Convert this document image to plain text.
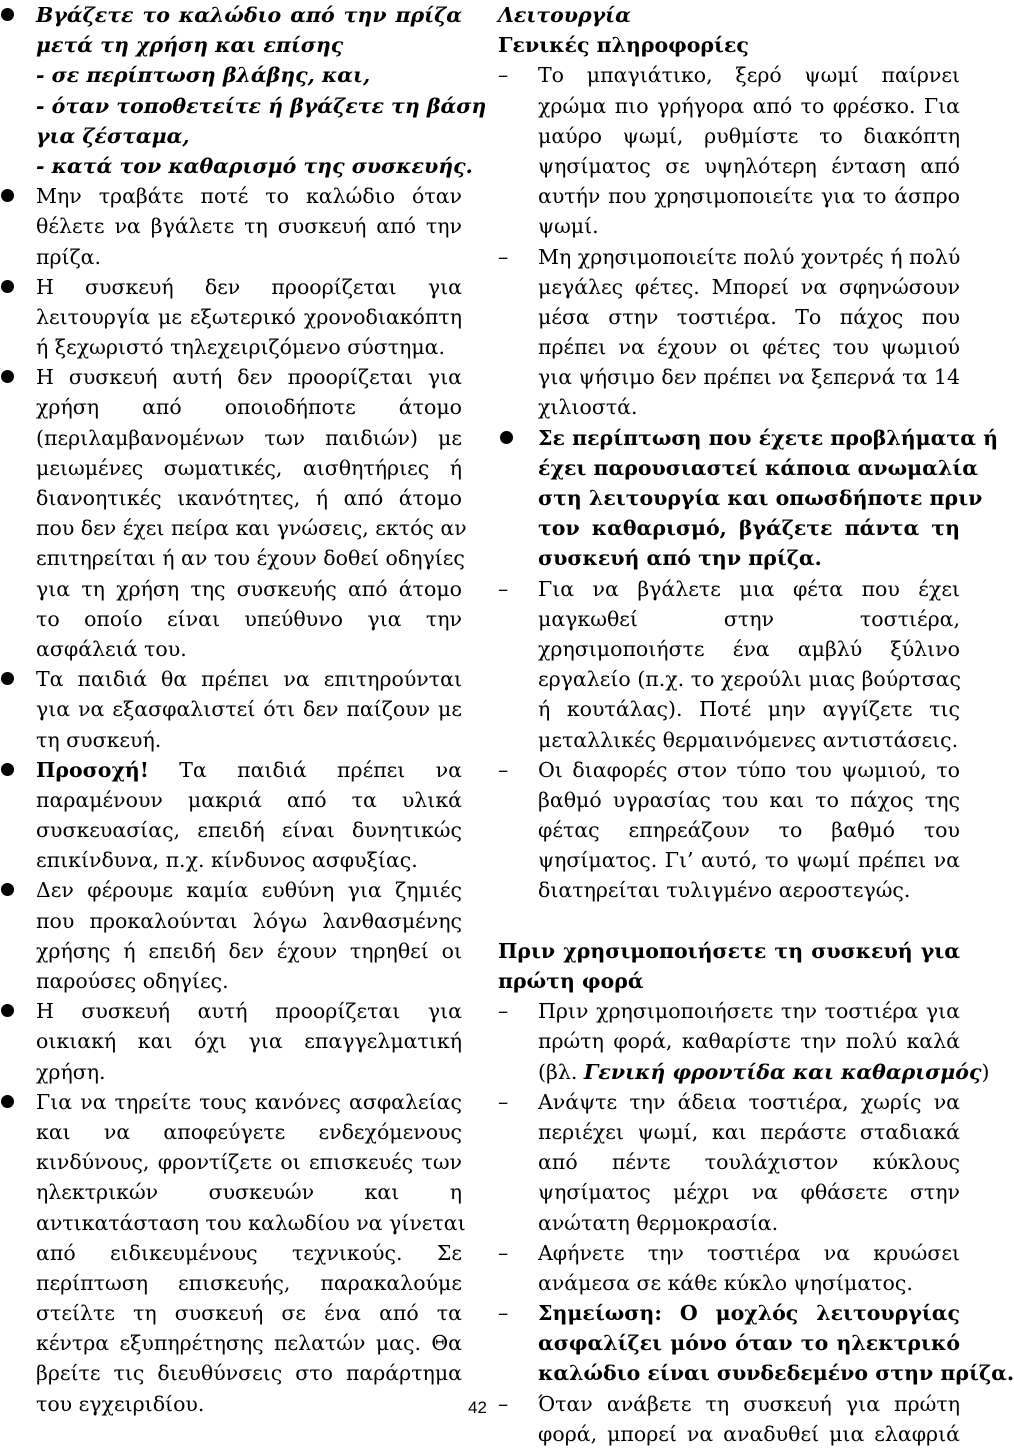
Βγάζετε το καλώδιο από την πρίζα

μετά τη χρήση και επίσης

- σε περίπτωση βλάβης, και,

- όταν τοποθετείτε ή βγάζετε τη βάση

για ζέσταμα,

- κατά τον καθαρισμό της συσκευής.

Μην τραβάτε ποτέ το καλώδιο όταν

θέλετε να βγάλετε τη συσκευή από την

πρίζα.

Η συσκευή δεν προορίζεται για

λειτουργία με εξωτερικό χρονοδιακόπτη

ή ξεχωριστό τηλεχειριζόμενο σύστημα.

Η συσκευή αυτή δεν προορίζεται για

χρήση από οποιοδήποτε άτομο

(περιλαμβανομένων των παιδιών) με

μειωμένες σωματικές, αισθητήριες ή

διανοητικές ικανότητες, ή από άτομο

που δεν έχει πείρα και γνώσεις, εκτός αν

επιτηρείται ή αν του έχουν δοθεί οδηγίες

για τη χρήση της συσκευής από άτομο

το οποίο είναι υπεύθυνο για την

ασφάλειά του.

Τα παιδιά θα πρέπει να επιτηρούνται

για να εξασφαλιστεί ότι δεν παίζουν με

τη συσκευή.

Προσοχή! Τα παιδιά πρέπει να

παραμένουν μακριά από τα υλικά

συσκευασίας, επειδή είναι δυνητικώς

επικίνδυνα, π.χ. κίνδυνος ασφυξίας.

Δεν φέρουμε καμία ευθύνη για ζημιές

που προκαλούνται λόγω λανθασμένης

χρήσης ή επειδή δεν έχουν τηρηθεί οι

παρούσες οδηγίες.

Η συσκευή αυτή προορίζεται για

οικιακή και όχι για επαγγελματική

χρήση.

Για να τηρείτε τους κανόνες ασφαλείας

και να αποφεύγετε ενδεχόμενους

κινδύνους, φροντίζετε οι επισκευές των

ηλεκτρικών συσκευών και η

αντικατάσταση του καλωδίου να γίνεται

από ειδικευμένους τεχνικούς. Σε

περίπτωση επισκευής, παρακαλούμε

στείλτε τη συσκευή σε ένα από τα

κέντρα εξυπηρέτησης πελατών μας. Θα

βρείτε τις διευθύνσεις στο παράρτημα

του εγχειριδίου.

Λειτουργία

Γενικές πληροφορίες

–	Το μπαγιάτικο, ξερό ψωμί παίρνει

χρώμα πιο γρήγορα από το φρέσκο. Για

μαύρο ψωμί, ρυθμίστε το διακόπτη

ψησίματος σε υψηλότερη ένταση από

αυτήν που χρησιμοποιείτε για το άσπρο

ψωμί.

–	Μη χρησιμοποιείτε πολύ χοντρές ή πολύ

μεγάλες φέτες. Μπορεί να σφηνώσουν

μέσα στην τοστιέρα. Το πάχος που

πρέπει να έχουν οι φέτες του ψωμιού

για ψήσιμο δεν πρέπει να ξεπερνά τα 14

χιλιοστά.

Σε περίπτωση που έχετε προβλήματα ή

έχει παρουσιαστεί κάποια ανωμαλία

στη λειτουργία και οπωσδήποτε πριν

τον καθαρισμό, βγάζετε πάντα τη

συσκευή από την πρίζα.

–	Για να βγάλετε μια φέτα που έχει

μαγκωθεί στην τοστιέρα,

χρησιμοποιήστε ένα αμβλύ ξύλινο

εργαλείο (π.χ. το χερούλι μιας βούρτσας

ή κουτάλας). Ποτέ μην αγγίζετε τις

μεταλλικές θερμαινόμενες αντιστάσεις.

–	Οι διαφορές στον τύπο του ψωμιού, το

βαθμό υγρασίας του και το πάχος της

φέτας επηρεάζουν το βαθμό του

ψησίματος. Γι’ αυτό, το ψωμί πρέπει να

διατηρείται τυλιγμένο αεροστεγώς.

Πριν χρησιμοποιήσετε τη συσκευή για

πρώτη φορά

–	Πριν χρησιμοποιήσετε την τοστιέρα για

πρώτη φορά, καθαρίστε την πολύ καλά

(βλ. Γενική φροντίδα και καθαρισμός)

–	Ανάψτε την άδεια τοστιέρα, χωρίς να

περιέχει ψωμί, και περάστε σταδιακά

από πέντε τουλάχιστον κύκλους

ψησίματος μέχρι να φθάσετε στην

ανώτατη θερμοκρασία.

–	Αφήνετε την τοστιέρα να κρυώσει

ανάμεσα σε κάθε κύκλο ψησίματος.

–	Σημείωση: Ο μοχλός λειτουργίας

ασφαλίζει μόνο όταν το ηλεκτρικό

καλώδιο είναι συνδεδεμένο στην πρίζα.

–	Όταν ανάβετε τη συσκευή για πρώτη

φορά, μπορεί να αναδυθεί μια ελαφριά

42
